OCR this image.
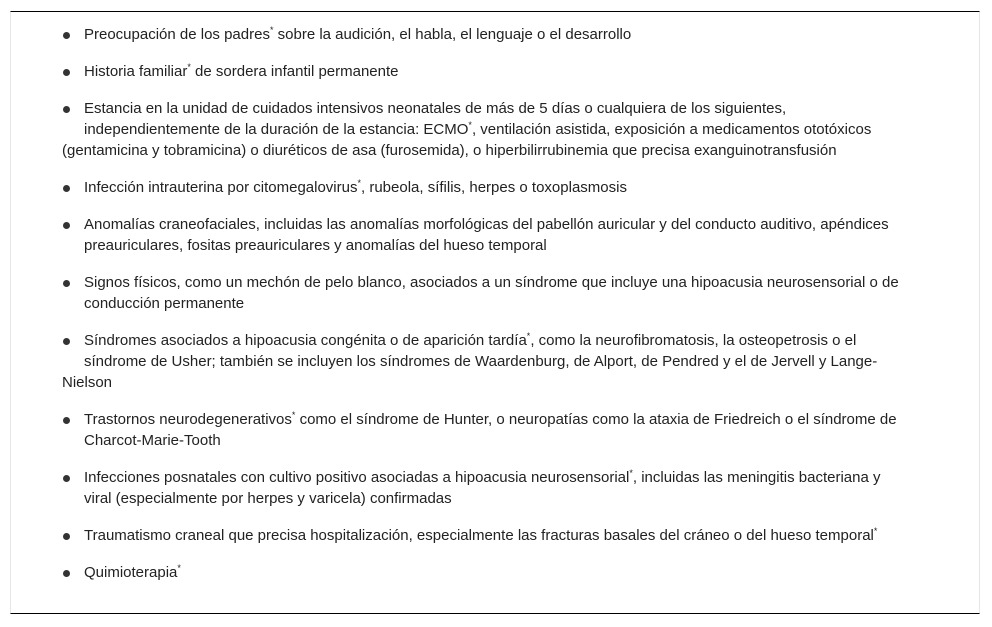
Preocupación de los padres* sobre la audición, el habla, el lenguaje o el desarrollo
Historia familiar* de sordera infantil permanente
Estancia en la unidad de cuidados intensivos neonatales de más de 5 días o cualquiera de los siguientes,
independientemente de la duración de la estancia: ECMO*, ventilación asistida, exposición a medicamentos ototóxicos
(gentamicina y tobramicina) o diuréticos de asa (furosemida), o hiperbilirrubinemia que precisa exanguinotransfusión
Infección intrauterina por citomegalovirus*, rubeola, sífilis, herpes o toxoplasmosis
Anomalías craneofaciales, incluidas las anomalías morfológicas del pabellón auricular y del conducto auditivo, apéndices
preauriculares, fositas preauriculares y anomalías del hueso temporal
Signos físicos, como un mechón de pelo blanco, asociados a un síndrome que incluye una hipoacusia neurosensorial o de
conducción permanente
Síndromes asociados a hipoacusia congénita o de aparición tardía*, como la neurofibromatosis, la osteopetrosis o el
síndrome de Usher; también se incluyen los síndromes de Waardenburg, de Alport, de Pendred y el de Jervell y Lange-
Nielson
Trastornos neurodegenerativos* como el síndrome de Hunter, o neuropatías como la ataxia de Friedreich o el síndrome de
Charcot-Marie-Tooth
Infecciones posnatales con cultivo positivo asociadas a hipoacusia neurosensorial*, incluidas las meningitis bacteriana y
viral (especialmente por herpes y varicela) confirmadas
Traumatismo craneal que precisa hospitalización, especialmente las fracturas basales del cráneo o del hueso temporal*
Quimioterapia*
